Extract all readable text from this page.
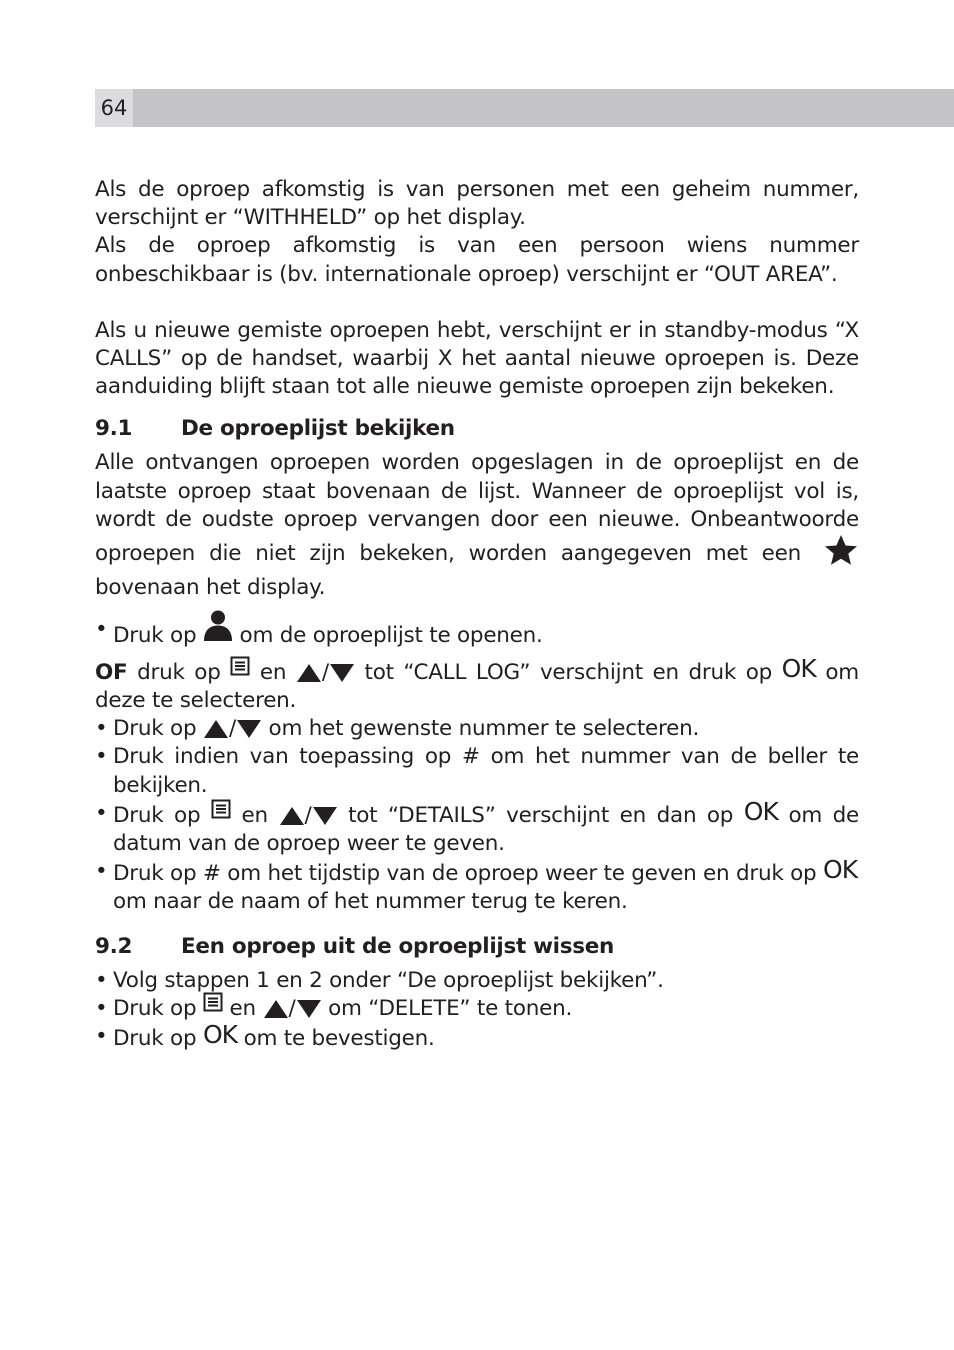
64

Als de oproep afkomstig is van personen met een geheim nummer, verschijnt er “WITHHELD” op het display.

Als de oproep afkomstig is van een persoon wiens nummer onbeschikbaar is (bv. internationale oproep) verschijnt er “OUT AREA”.

Als u nieuwe gemiste oproepen hebt, verschijnt er in standby-modus “X CALLS” op de handset, waarbij X het aantal nieuwe oproepen is. Deze aanduiding blijft staan tot alle nieuwe gemiste oproepen zijn bekeken.

9.1	De oproeplijst bekijken

Alle ontvangen oproepen worden opgeslagen in de oproeplijst en de laatste oproep staat bovenaan de lijst. Wanneer de oproeplijst vol is, wordt de oudste oproep vervangen door een nieuwe. Onbeantwoorde oproepen die niet zijn bekeken, worden aangegeven met een  bovenaan het display.

• Druk op om de oproeplijst te openen.

OF druk op en / tot “CALL LOG” verschijnt en druk op OK om deze te selecteren.

• Druk op / om het gewenste nummer te selecteren.
• Druk indien van toepassing op # om het nummer van de beller te bekijken.
• Druk op en / tot “DETAILS” verschijnt en dan op OK om de datum van de oproep weer te geven.
• Druk op # om het tijdstip van de oproep weer te geven en druk op OK om naar de naam of het nummer terug te keren.
9.2	Een oproep uit de oproeplijst wissen
• Volg stappen 1 en 2 onder “De oproeplijst bekijken”.
• Druk op en / om “DELETE” te tonen.
• Druk op OK om te bevestigen.
